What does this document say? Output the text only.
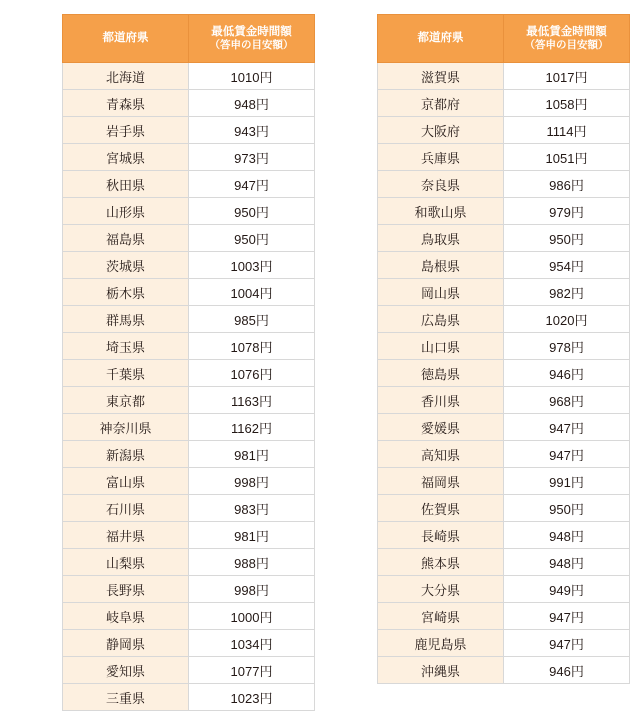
都道府県	最低賃金時間額
（答申の目安額）

北海道	1010円
青森県	948円
岩手県	943円
宮城県	973円
秋田県	947円
山形県	950円
福島県	950円
茨城県	1003円
栃木県	1004円
群馬県	985円
埼玉県	1078円
千葉県	1076円
東京都	1163円
神奈川県	1162円
新潟県	981円
富山県	998円
石川県	983円
福井県	981円
山梨県	988円
長野県	998円
岐阜県	1000円
静岡県	1034円
愛知県	1077円
三重県	1023円
都道府県	最低賃金時間額
（答申の目安額）

滋賀県	1017円
京都府	1058円
大阪府	1114円
兵庫県	1051円
奈良県	986円
和歌山県	979円
鳥取県	950円
島根県	954円
岡山県	982円
広島県	1020円
山口県	978円
徳島県	946円
香川県	968円
愛媛県	947円
高知県	947円
福岡県	991円
佐賀県	950円
長崎県	948円
熊本県	948円
大分県	949円
宮崎県	947円
鹿児島県	947円
沖縄県	946円
